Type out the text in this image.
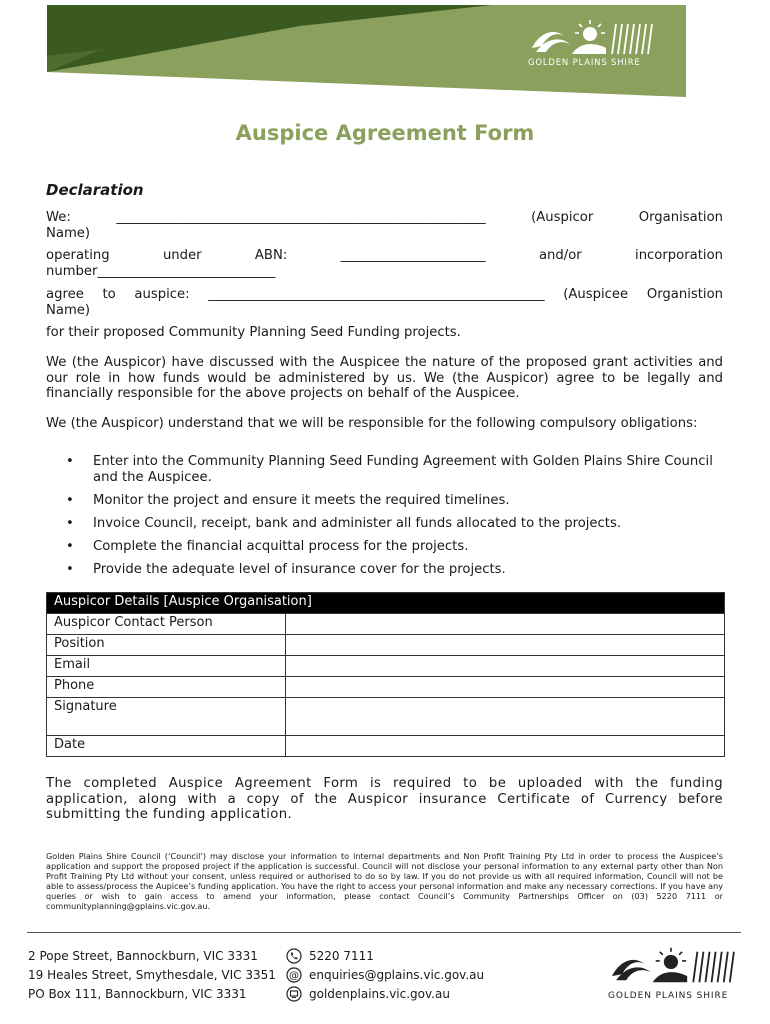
GOLDEN PLAINS SHIRE
Auspice Agreement Form
Declaration
We: ________________________________________________________ (Auspicor Organisation
Name)
operating under ABN: ______________________ and/or incorporation
number___________________________
agree to auspice: ___________________________________________________ (Auspicee Organistion
Name)
for their proposed Community Planning Seed Funding projects.
We (the Auspicor) have discussed with the Auspicee the nature of the proposed grant activities and our role in how funds would be administered by us. We (the Auspicor) agree to be legally and financially responsible for the above projects on behalf of the Auspicee.
We (the Auspicor) understand that we will be responsible for the following compulsory obligations:
• Enter into the Community Planning Seed Funding Agreement with Golden Plains Shire Council and the Auspicee.
• Monitor the project and ensure it meets the required timelines.
• Invoice Council, receipt, bank and administer all funds allocated to the projects.
• Complete the financial acquittal process for the projects.
• Provide the adequate level of insurance cover for the projects.
Auspicor Details [Auspice Organisation]	
Auspicor Contact Person	
Position	
Email	
Phone	
Signature	
Date	
The completed Auspice Agreement Form is required to be uploaded with the funding application, along with a copy of the Auspicor insurance Certificate of Currency before submitting the funding application.
Golden Plains Shire Council (‘Council’) may disclose your information to internal departments and Non Profit Training Pty Ltd in order to process the Auspicee’s application and support the proposed project if the application is successful. Council will not disclose your personal information to any external party other than Non Profit Training Pty Ltd without your consent, unless required or authorised to do so by law. If you do not provide us with all required information, Council will not be able to assess/process the Aupicee’s funding application. You have the right to access your personal information and make any necessary corrections. If you have any queries or wish to gain access to amend your information, please contact Council’s Community Partnerships Officer on (03) 5220 7111 or communityplanning@gplains.vic.gov.au.
2 Pope Street, Bannockburn, VIC 3331
19 Heales Street, Smythesdale, VIC 3351
PO Box 111, Bannockburn, VIC 3331
5220 7111
@ enquiries@gplains.vic.gov.au
goldenplains.vic.gov.au	GOLDEN PLAINS SHIRE
